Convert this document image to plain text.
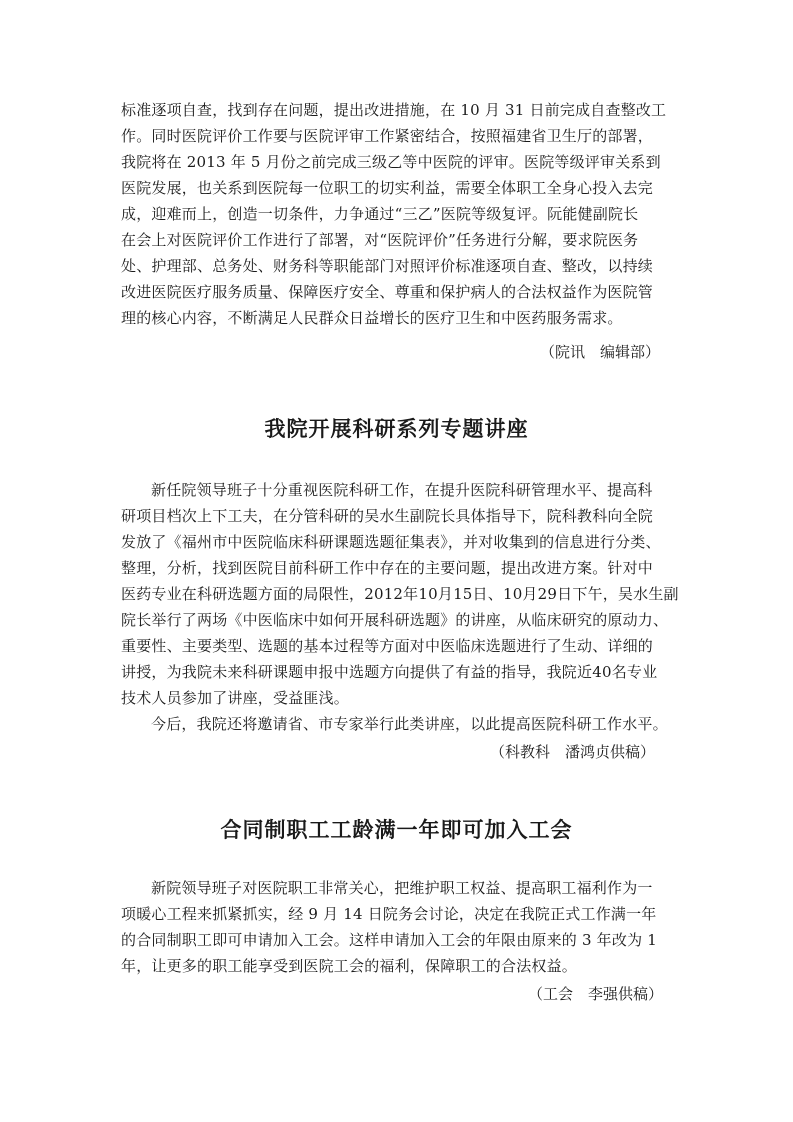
标准逐项自查，找到存在问题，提出改进措施，在 10 月 31 日前完成自查整改工
作。同时医院评价工作要与医院评审工作紧密结合，按照福建省卫生厅的部署，
我院将在 2013 年 5 月份之前完成三级乙等中医院的评审。医院等级评审关系到
医院发展，也关系到医院每一位职工的切实利益，需要全体职工全身心投入去完
成，迎难而上，创造一切条件，力争通过“三乙”医院等级复评。阮能健副院长
在会上对医院评价工作进行了部署，对“医院评价”任务进行分解，要求院医务
处、护理部、总务处、财务科等职能部门对照评价标准逐项自查、整改，以持续
改进医院医疗服务质量、保障医疗安全、尊重和保护病人的合法权益作为医院管
理的核心内容，不断满足人民群众日益增长的医疗卫生和中医药服务需求。
（院讯　编辑部）
我院开展科研系列专题讲座
新任院领导班子十分重视医院科研工作，在提升医院科研管理水平、提高科
研项目档次上下工夫，在分管科研的吴水生副院长具体指导下，院科教科向全院
发放了《福州市中医院临床科研课题选题征集表》，并对收集到的信息进行分类、
整理，分析，找到医院目前科研工作中存在的主要问题，提出改进方案。针对中
医药专业在科研选题方面的局限性，2012年10月15日、10月29日下午，吴水生副
院长举行了两场《中医临床中如何开展科研选题》的讲座，从临床研究的原动力、
重要性、主要类型、选题的基本过程等方面对中医临床选题进行了生动、详细的
讲授，为我院未来科研课题申报中选题方向提供了有益的指导，我院近40名专业
技术人员参加了讲座，受益匪浅。
今后，我院还将邀请省、市专家举行此类讲座，以此提高医院科研工作水平。
（科教科　潘鸿贞供稿）
合同制职工工龄满一年即可加入工会
新院领导班子对医院职工非常关心，把维护职工权益、提高职工福利作为一
项暖心工程来抓紧抓实，经 9 月 14 日院务会讨论，决定在我院正式工作满一年
的合同制职工即可申请加入工会。这样申请加入工会的年限由原来的 3 年改为 1
年，让更多的职工能享受到医院工会的福利，保障职工的合法权益。
（工会　李强供稿）
